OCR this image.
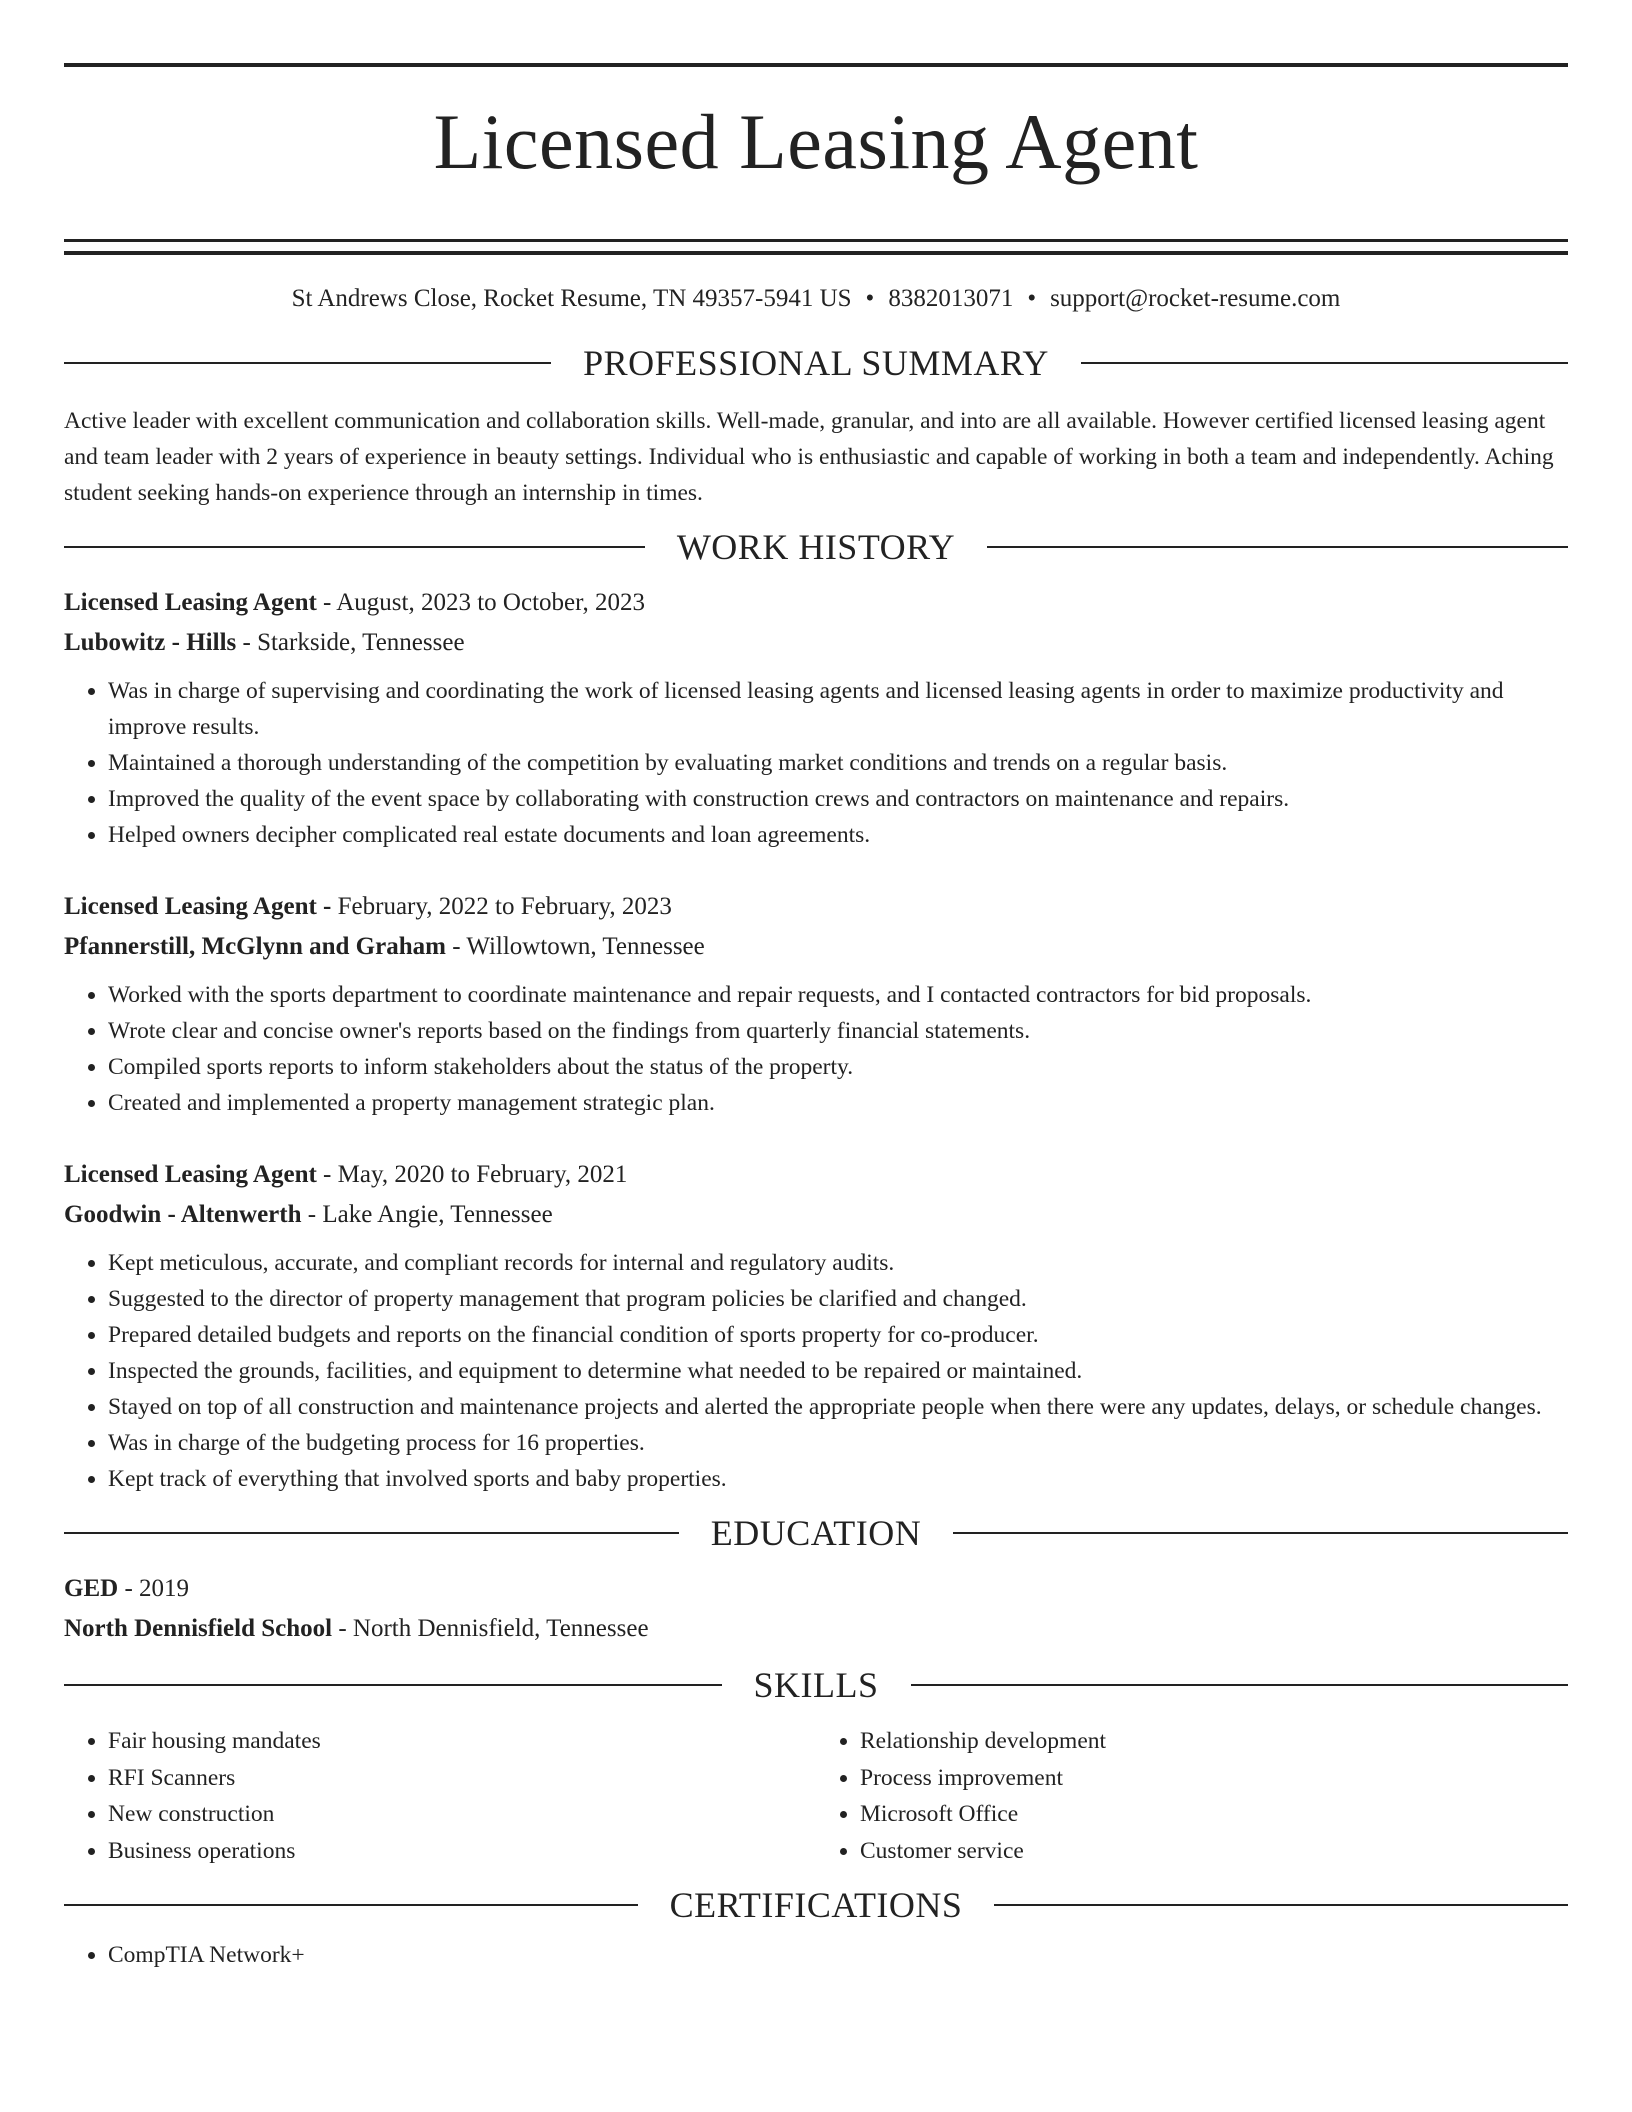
Licensed Leasing Agent
St Andrews Close, Rocket Resume, TN 49357-5941 US • 8382013071 • support@rocket-resume.com
PROFESSIONAL SUMMARY
Active leader with excellent communication and collaboration skills. Well-made, granular, and into are all available. However certified licensed leasing agent and team leader with 2 years of experience in beauty settings. Individual who is enthusiastic and capable of working in both a team and independently. Aching student seeking hands-on experience through an internship in times.
WORK HISTORY
Licensed Leasing Agent - August, 2023 to October, 2023
Lubowitz - Hills - Starkside, Tennessee
• Was in charge of supervising and coordinating the work of licensed leasing agents and licensed leasing agents in order to maximize productivity and improve results.
• Maintained a thorough understanding of the competition by evaluating market conditions and trends on a regular basis.
• Improved the quality of the event space by collaborating with construction crews and contractors on maintenance and repairs.
• Helped owners decipher complicated real estate documents and loan agreements.
Licensed Leasing Agent - February, 2022 to February, 2023
Pfannerstill, McGlynn and Graham - Willowtown, Tennessee
• Worked with the sports department to coordinate maintenance and repair requests, and I contacted contractors for bid proposals.
• Wrote clear and concise owner's reports based on the findings from quarterly financial statements.
• Compiled sports reports to inform stakeholders about the status of the property.
• Created and implemented a property management strategic plan.
Licensed Leasing Agent - May, 2020 to February, 2021
Goodwin - Altenwerth - Lake Angie, Tennessee
• Kept meticulous, accurate, and compliant records for internal and regulatory audits.
• Suggested to the director of property management that program policies be clarified and changed.
• Prepared detailed budgets and reports on the financial condition of sports property for co-producer.
• Inspected the grounds, facilities, and equipment to determine what needed to be repaired or maintained.
• Stayed on top of all construction and maintenance projects and alerted the appropriate people when there were any updates, delays, or schedule changes.
• Was in charge of the budgeting process for 16 properties.
• Kept track of everything that involved sports and baby properties.
EDUCATION
GED - 2019
North Dennisfield School - North Dennisfield, Tennessee
SKILLS
• Fair housing mandates
• RFI Scanners
• New construction
• Business operations
• Relationship development
• Process improvement
• Microsoft Office
• Customer service
CERTIFICATIONS
• CompTIA Network+
